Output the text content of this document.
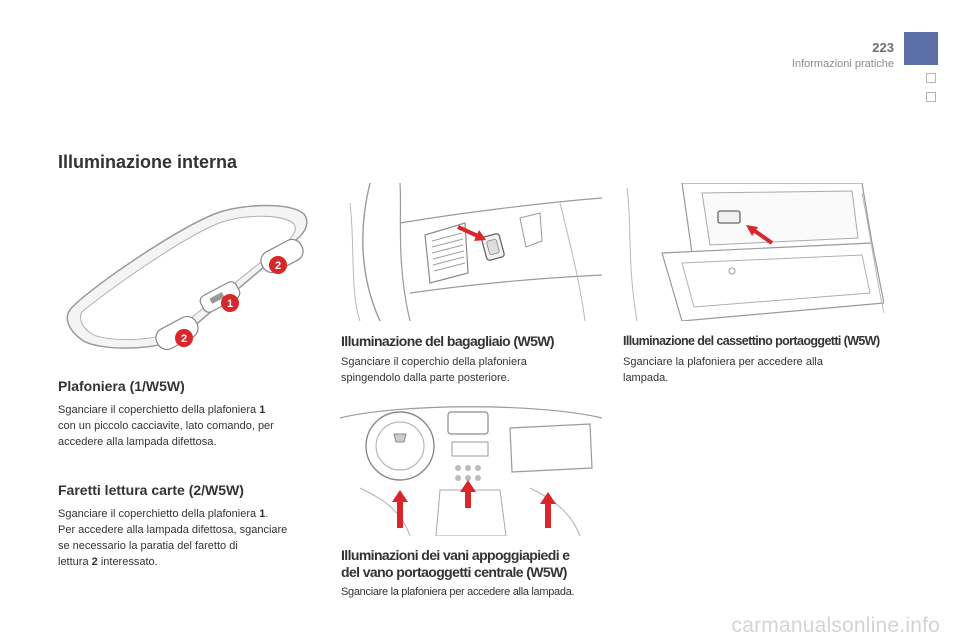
223
Informazioni pratiche
Illuminazione interna
2
1
2
Plafoniera (1/W5W)
Sganciare il coperchietto della plafoniera 1
con un piccolo cacciavite, lato comando, per
accedere alla lampada difettosa.
Faretti lettura carte (2/W5W)
Sganciare il coperchietto della plafoniera 1.
Per accedere alla lampada difettosa, sganciare
se necessario la paratia del faretto di
lettura 2 interessato.
Illuminazione del bagagliaio (W5W)
Sganciare il coperchio della plafoniera
spingendolo dalla parte posteriore.
Illuminazione del cassettino portaoggetti (W5W)
Sganciare la plafoniera per accedere alla
lampada.
Illuminazioni dei vani appoggiapiedi e
del vano portaoggetti centrale (W5W)
Sganciare la plafoniera per accedere alla lampada.
carmanualsonline.info
